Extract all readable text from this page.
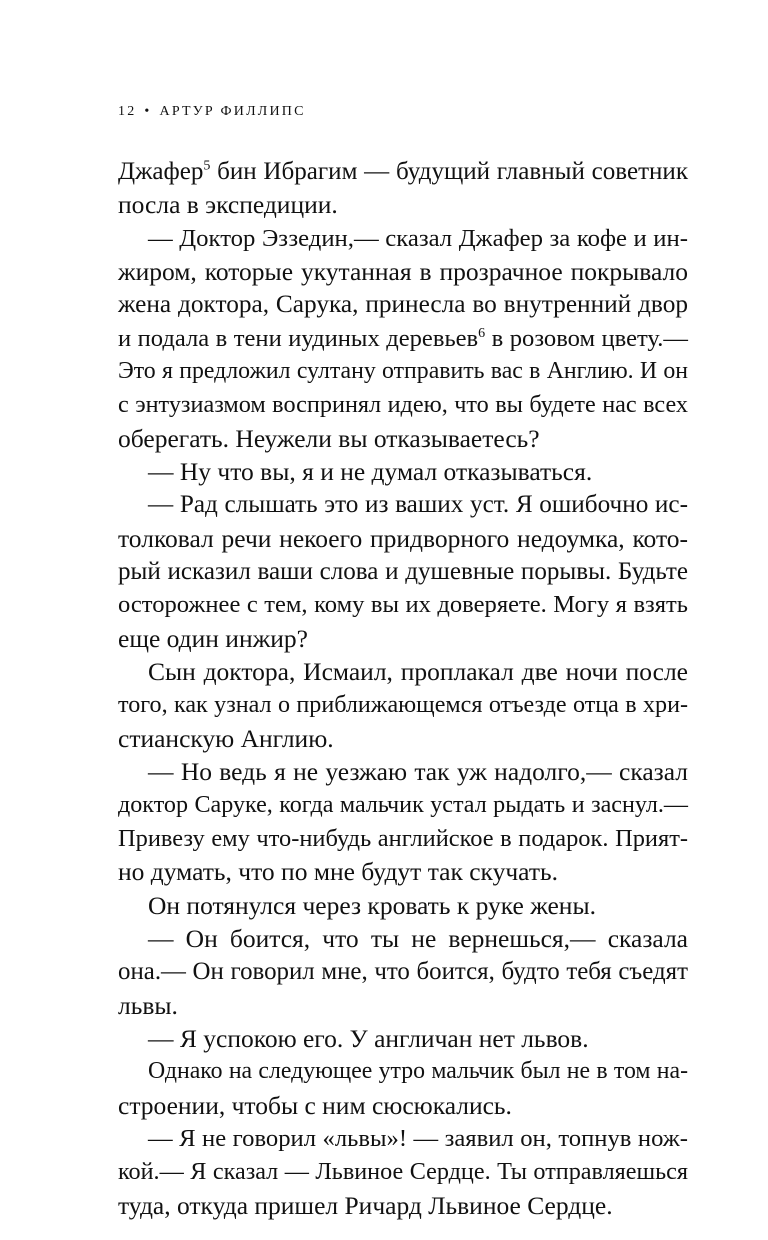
12 • АРТУР ФИЛЛИПС
Джафер$^5$ бин Ибрагим — будущий главный советник
посла в экспедиции.
— Доктор Эззедин,— сказал Джафер за кофе и ин-
жиром, которые укутанная в прозрачное покрывало
жена доктора, Сарука, принесла во внутренний двор
и подала в тени иудиных деревьев$^6$ в розовом цвету.—
Это я предложил султану отправить вас в Англию. И он
с энтузиазмом воспринял идею, что вы будете нас всех
оберегать. Неужели вы отказываетесь?
— Ну что вы, я и не думал отказываться.
— Рад слышать это из ваших уст. Я ошибочно ис-
толковал речи некоего придворного недоумка, кото-
рый исказил ваши слова и душевные порывы. Будьте
осторожнее с тем, кому вы их доверяете. Могу я взять
еще один инжир?
Сын доктора, Исмаил, проплакал две ночи после
того, как узнал о приближающемся отъезде отца в хри-
стианскую Англию.
— Но ведь я не уезжаю так уж надолго,— сказал
доктор Саруке, когда мальчик устал рыдать и заснул.—
Привезу ему что-нибудь английское в подарок. Прият-
но думать, что по мне будут так скучать.
Он потянулся через кровать к руке жены.
— Он боится, что ты не вернешься,— сказала
она.— Он говорил мне, что боится, будто тебя съедят
львы.
— Я успокою его. У англичан нет львов.
Однако на следующее утро мальчик был не в том на-
строении, чтобы с ним сюсюкались.
— Я не говорил «львы»! — заявил он, топнув нож-
кой.— Я сказал — Львиное Сердце. Ты отправляешься
туда, откуда пришел Ричард Львиное Сердце.
